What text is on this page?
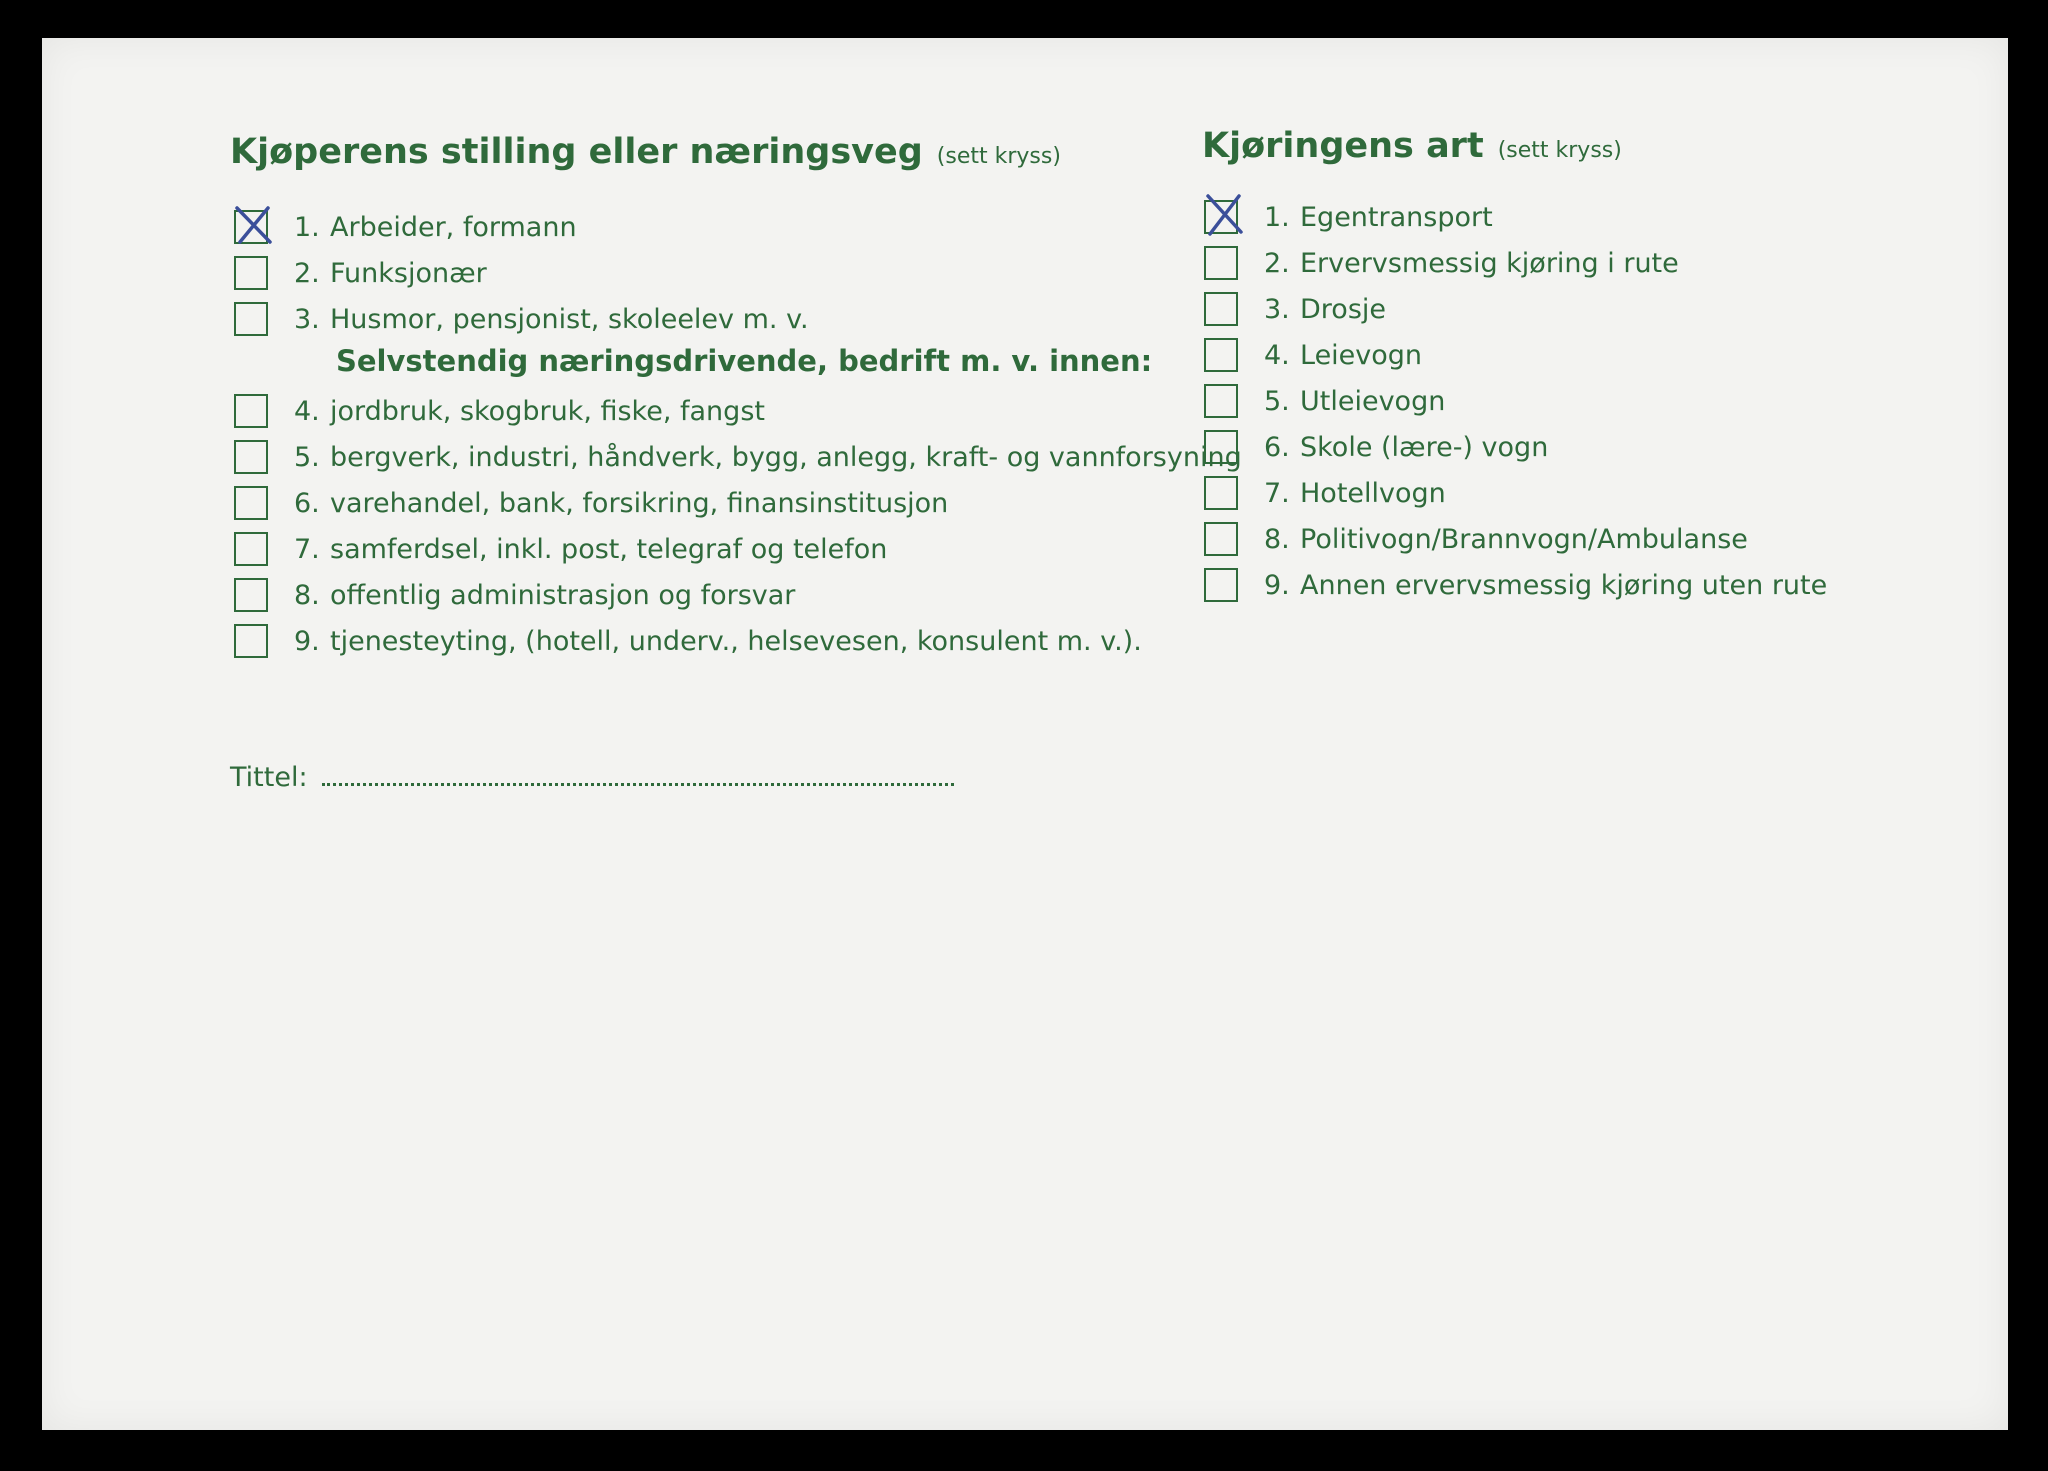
Kjøperens stilling eller næringsveg (sett kryss)
1. Arbeider, formann
2. Funksjonær
3. Husmor, pensjonist, skoleelev m. v.
Selvstendig næringsdrivende, bedrift m. v. innen:
4. jordbruk, skogbruk, fiske, fangst
5. bergverk, industri, håndverk, bygg, anlegg, kraft- og vannforsyning
6. varehandel, bank, forsikring, finansinstitusjon
7. samferdsel, inkl. post, telegraf og telefon
8. offentlig administrasjon og forsvar
9. tjenesteyting, (hotell, underv., helsevesen, konsulent m. v.).
Tittel:
Kjøringens art (sett kryss)
1. Egentransport
2. Ervervsmessig kjøring i rute
3. Drosje
4. Leievogn
5. Utleievogn
6. Skole (lære-) vogn
7. Hotellvogn
8. Politivogn/Brannvogn/Ambulanse
9. Annen ervervsmessig kjøring uten rute
